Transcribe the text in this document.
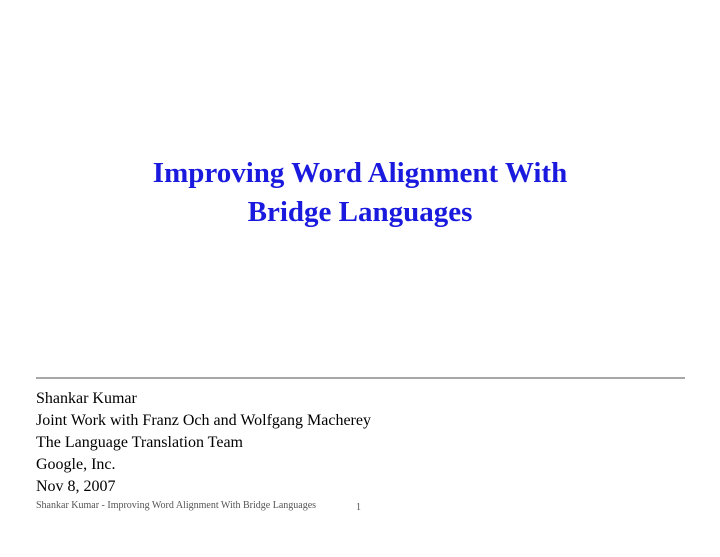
Improving Word Alignment With
Bridge Languages
Shankar Kumar
Joint Work with Franz Och and Wolfgang Macherey
The Language Translation Team
Google, Inc.
Nov 8, 2007
Shankar Kumar - Improving Word Alignment With Bridge Languages	1
